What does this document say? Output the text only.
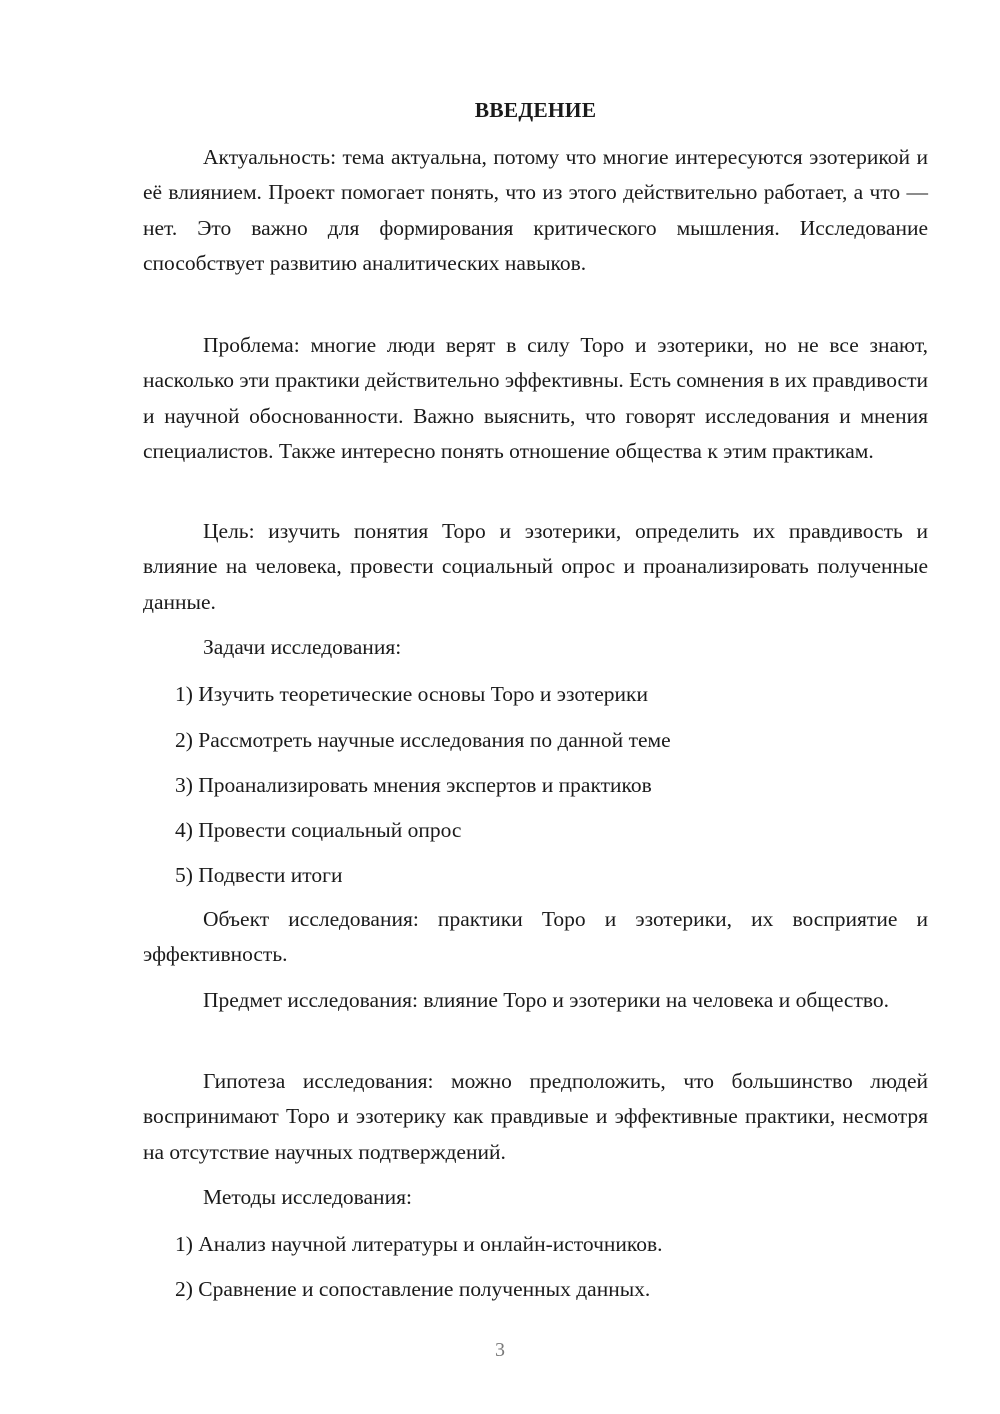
ВВЕДЕНИЕ

Актуальность: тема актуальна, потому что многие интересуются эзотерикой и её влиянием. Проект помогает понять, что из этого действительно работает, а что — нет. Это важно для формирования критического мышления. Исследование способствует развитию аналитических навыков.

Проблема: многие люди верят в силу Торо и эзотерики, но не все знают, насколько эти практики действительно эффективны. Есть сомнения в их правдивости и научной обоснованности. Важно выяснить, что говорят исследования и мнения специалистов. Также интересно понять отношение общества к этим практикам.

Цель: изучить понятия Торо и эзотерики, определить их правдивость и влияние на человека, провести социальный опрос и проанализировать полученные данные.

Задачи исследования:

1) Изучить теоретические основы Торо и эзотерики

2) Рассмотреть научные исследования по данной теме

3) Проанализировать мнения экспертов и практиков

4) Провести социальный опрос

5) Подвести итоги

Объект исследования: практики Торо и эзотерики, их восприятие и эффективность.

Предмет исследования: влияние Торо и эзотерики на человека и общество.

Гипотеза исследования: можно предположить, что большинство людей воспринимают Торо и эзотерику как правдивые и эффективные практики, несмотря на отсутствие научных подтверждений.

Методы исследования:

1) Анализ научной литературы и онлайн-источников.

2) Сравнение и сопоставление полученных данных.

3
